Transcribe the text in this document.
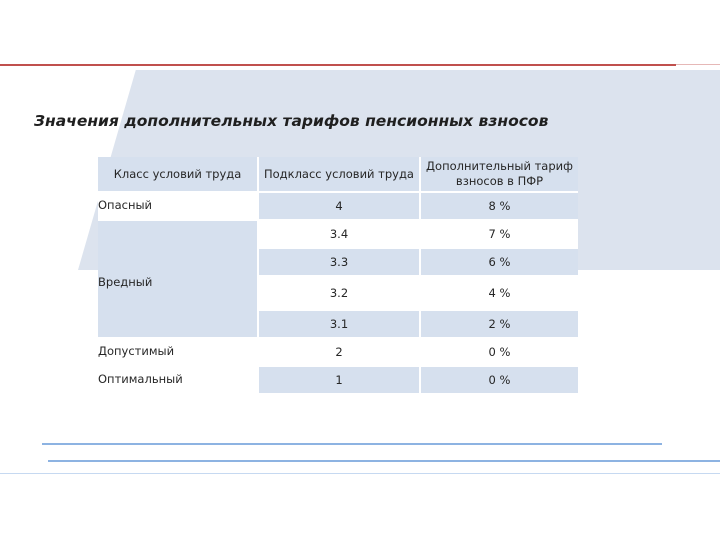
Значения дополнительных тарифов пенсионных взносов
Класс условий труда	Подкласс условий труда	Дополнительный тариф взносов в ПФР
Опасный	4	8 %
Вредный	3.4	7 %
	3.3	6 %
	3.2	4 %
	3.1	2 %
Допустимый	2	0 %
Оптимальный	1	0 %
